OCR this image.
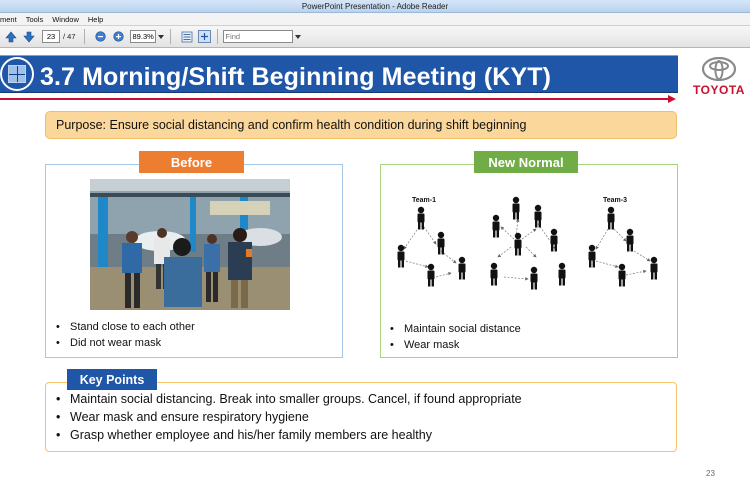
PowerPoint Presentation - Adobe Reader
ment Tools Window Help
23	/ 47	89.3%	Find
3.7 Morning/Shift Beginning Meeting (KYT)	TOYOTA
Purpose: Ensure social distancing and confirm health condition during shift beginning
Before
• Stand close to each other
• Did not wear mask
New Normal
Team-1	Team-3
• Maintain social distance
• Wear mask
Key Points
• Maintain social distancing. Break into smaller groups. Cancel, if found appropriate
• Wear mask and ensure respiratory hygiene
• Grasp whether employee and his/her family members are healthy
23
